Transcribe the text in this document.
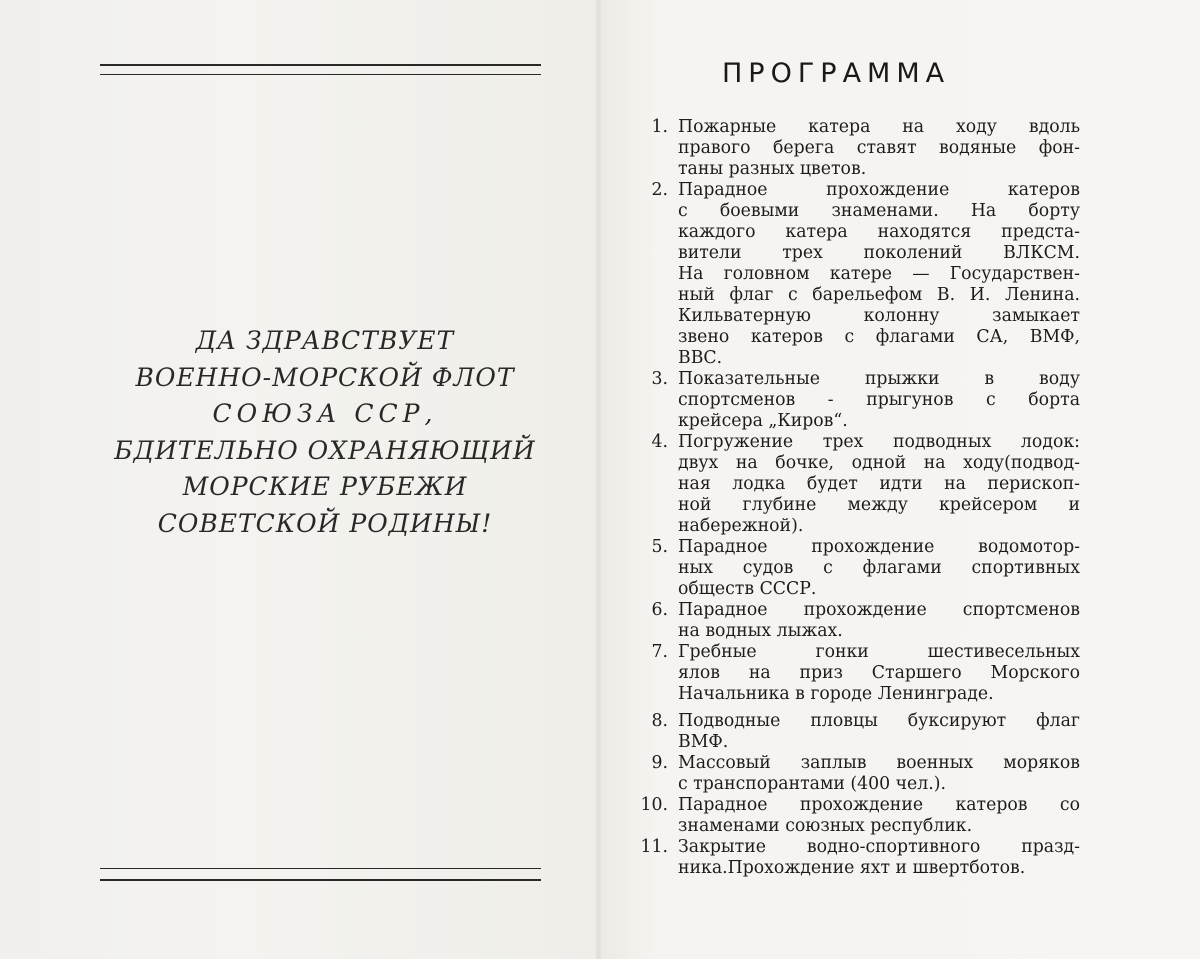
ДА ЗДРАВСТВУЕТ
ВОЕННО-МОРСКОЙ ФЛОТ
СОЮЗА ССР,
БДИТЕЛЬНО ОХРАНЯЮЩИЙ
МОРСКИЕ РУБЕЖИ
СОВЕТСКОЙ РОДИНЫ!
ПРОГРАММА
1. Пожарные катера на ходу вдоль
правого берега ставят водяные фон-
таны разных цветов.
2. Парадное прохождение катеров
с боевыми знаменами. На борту
каждого катера находятся предста-
вители трех поколений ВЛКСМ.
На головном катере — Государствен-
ный флаг с барельефом В. И. Ленина.
Кильватерную колонну замыкает
звено катеров с флагами СА, ВМФ,
ВВС.
3. Показательные прыжки в воду
спортсменов - прыгунов с борта
крейсера „Киров“.
4. Погружение трех подводных лодок:
двух на бочке, одной на ходу(подвод-
ная лодка будет идти на перископ-
ной глубине между крейсером и
набережной).
5. Парадное прохождение водомотор-
ных судов с флагами спортивных
обществ СССР.
6. Парадное прохождение спортсменов
на водных лыжах.
7. Гребные гонки шестивесельных
ялов на приз Старшего Морского
Начальника в городе Ленинграде.
8. Подводные пловцы буксируют флаг
ВМФ.
9. Массовый заплыв военных моряков
с транспорантами (400 чел.).
10. Парадное прохождение катеров со
знаменами союзных республик.
11. Закрытие водно-спортивного празд-
ника.Прохождение яхт и швертботов.
